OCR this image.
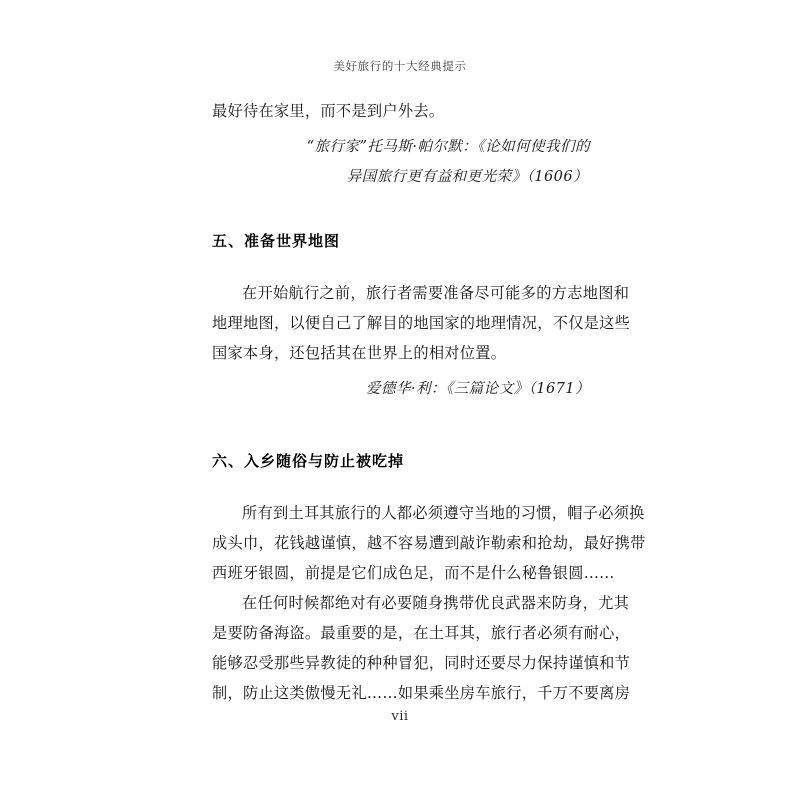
美好旅行的十大经典提示
最好待在家里，而不是到户外去。
“旅行家”托马斯·帕尔默：《论如何使我们的
异国旅行更有益和更光荣》（1606）
五、准备世界地图
在开始航行之前，旅行者需要准备尽可能多的方志地图和
地理地图，以便自己了解目的地国家的地理情况，不仅是这些
国家本身，还包括其在世界上的相对位置。
爱德华·利：《三篇论文》（1671）
六、入乡随俗与防止被吃掉
所有到土耳其旅行的人都必须遵守当地的习惯，帽子必须换
成头巾，花钱越谨慎，越不容易遭到敲诈勒索和抢劫，最好携带
西班牙银圆，前提是它们成色足，而不是什么秘鲁银圆……
在任何时候都绝对有必要随身携带优良武器来防身，尤其
是要防备海盗。最重要的是，在土耳其，旅行者必须有耐心，
能够忍受那些异教徒的种种冒犯，同时还要尽力保持谨慎和节
制，防止这类傲慢无礼……如果乘坐房车旅行，千万不要离房
vii
